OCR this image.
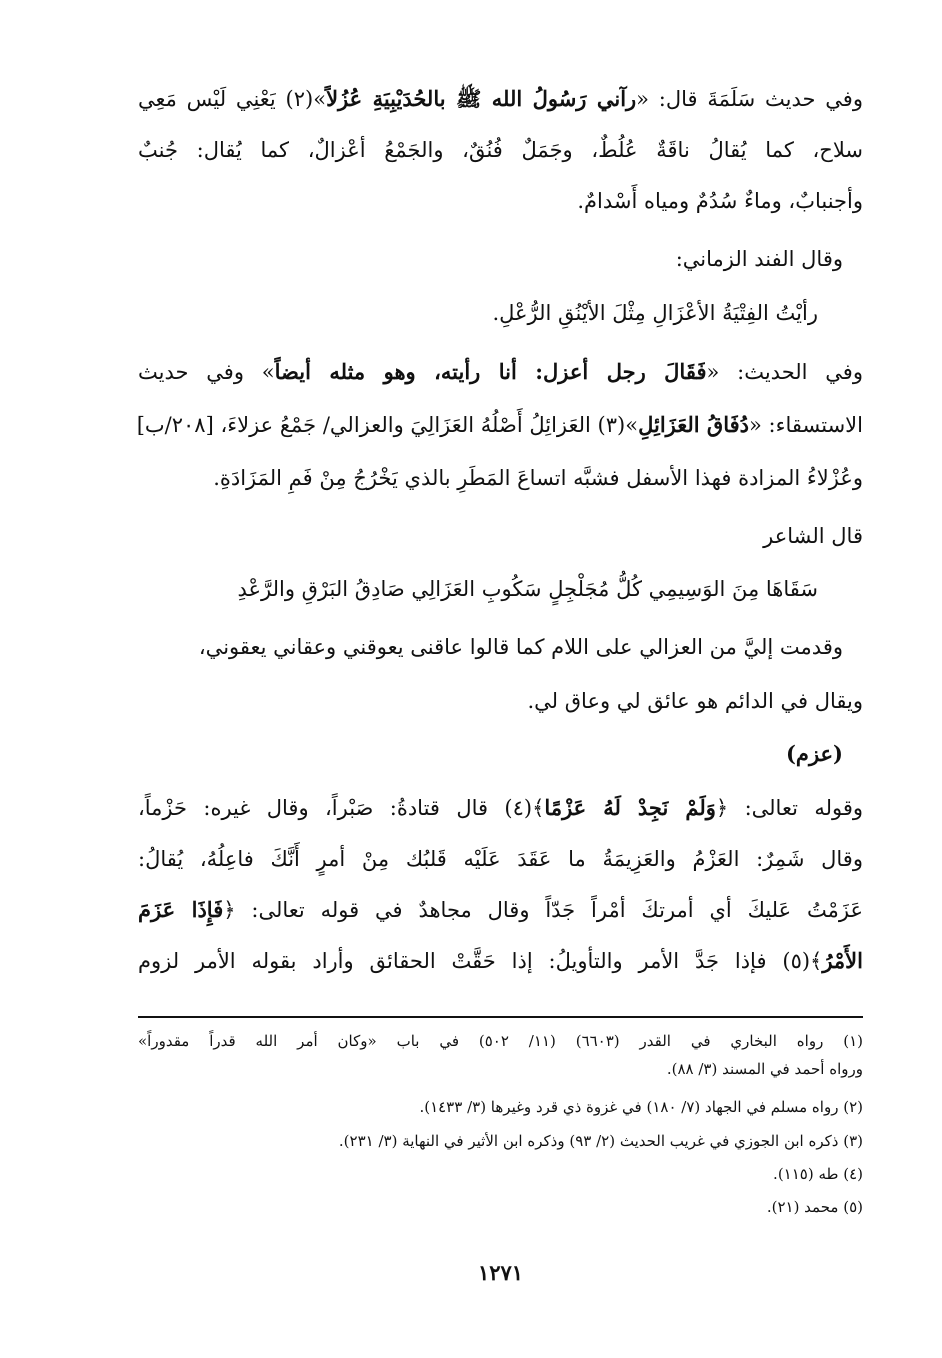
وفي حديث سَلَمَةَ قال: «رآني رَسُولُ الله ﷺ بالحُدَيْبِيَةِ عُزُلاً»(٢) يَعْنِي لَيْس مَعِي

سلاح، كما يُقالُ ناقَةٌ عُلُطٌ، وجَمَلٌ فُنُقٌ، والجَمْعُ أعْزالٌ، كما يُقال: جُنبٌ

وأجنبابٌ، وماءٌ سُدُمٌ ومياه أَسْدامٌ.

وقال الفند الزماني:

رأيْتُ الفِتْيَةُ الأعْزَالِ مِثْلَ الأيْنُقِ الرُّعْلِ.

وفي الحديث: «فَقَالَ رجل أعزل: أنا رأيته، وهو مثله أيضاً» وفي حديث

الاستسقاء: «دُفَاقُ العَزَائِلِ»(٣) العَزائِلُ أَصْلُهُ العَزَالِيَ والعزالي/ جَمْعُ عزلاءَ، [٢٠٨/ب]

وعُزْلاءُ المزادة فهذا الأسفل فشبَّه اتساعَ المَطَرِ بالذي يَخْرُجُ مِنْ فَمِ المَزَادَةِ.

قال الشاعر

سَقَاهَا مِنَ الوَسِيمِي كُلُّ مُجَلْجِلٍ سَكُوبِ العَزَالِي صَادِقُ البَرْقِ والرَّعْدِ

وقدمت إليَّ من العزالي على اللام كما قالوا عاقنى يعوقني وعقاني يعقوني،

ويقال في الدائم هو عائق لي وعاق لي.

(عزم)

وقوله تعالى: ﴿وَلَمْ نَجِدْ لَهُ عَزْمًا﴾(٤) قال قتادةُ: صَبْراً، وقال غيره: حَزْماً،

وقال شَمِرٌ: العَزْمُ والعَزِيمَةُ ما عَقَدَ عَلَيْه قَلبُك مِنْ أمرٍ أَنَّكَ فاعِلُهُ، يُقالُ:

عَزَمْتُ عَليكَ أي أمرتكَ أمْراً جَدّاً وقال مجاهدٌ في قوله تعالى: ﴿فَإِذَا عَزَمَ

الأَمْرُ﴾(٥) فإذا جَدَّ الأمر والتأويلُ: إذا حَقَّتْ الحقائق وأراد بقوله الأمر لزوم

(١) رواه البخاري في القدر (٦٦٠٣) (١١/ ٥٠٢) في باب «وكان أمر الله قدراً مقدوراً»

ورواه أحمد في المسند (٣/ ٨٨).

(٢) رواه مسلم في الجهاد (٧/ ١٨٠) في غزوة ذي قرد وغيرها (٣/ ١٤٣٣).

(٣) ذكره ابن الجوزي في غريب الحديث (٢/ ٩٣) وذكره ابن الأثير في النهاية (٣/ ٢٣١).

(٤) طه (١١٥).

(٥) محمد (٢١).

١٢٧١
